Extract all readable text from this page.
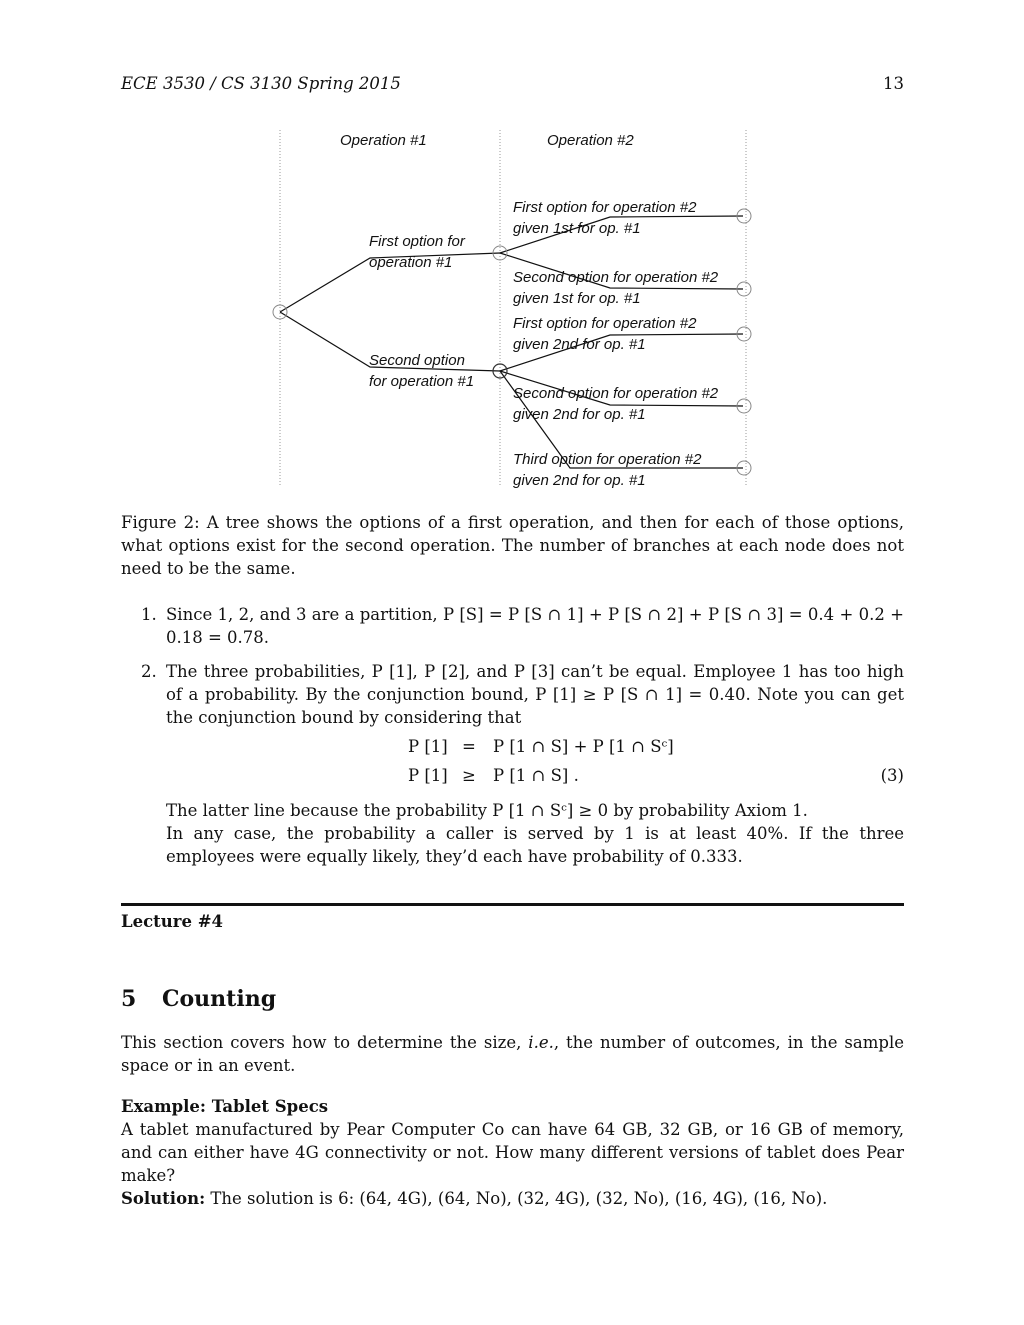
ECE 3530 / CS 3130 Spring 2015	13
Operation #1	Operation #2
First option for operation #1
Second option for operation #1
First option for operation #2 given 1st for op. #1
Second option for operation #2 given 1st for op. #1
First option for operation #2 given 2nd for op. #1
Second option for operation #2 given 2nd for op. #1
Third option for operation #2 given 2nd for op. #1
Figure 2: A tree shows the options of a first operation, and then for each of those options, what options exist for the second operation. The number of branches at each node does not need to be the same.
1. Since 1, 2, and 3 are a partition, P [S] = P [S ∩ 1] + P [S ∩ 2] + P [S ∩ 3] = 0.4 + 0.2 + 0.18 = 0.78.

2. The three probabilities, P [1], P [2], and P [3] can’t be equal. Employee 1 has too high of a probability. By the conjunction bound, P [1] ≥ P [S ∩ 1] = 0.40. Note you can get the conjunction bound by considering that

P [1] = P [1 ∩ S] + P [1 ∩ Sᶜ]
P [1] ≥ P [1 ∩ S] .	(3)

The latter line because the probability P [1 ∩ Sᶜ] ≥ 0 by probability Axiom 1.

In any case, the probability a caller is served by 1 is at least 40%. If the three employees were equally likely, they’d each have probability of 0.333.

Lecture #4
5 Counting
This section covers how to determine the size, i.e., the number of outcomes, in the sample space or in an event.
Example: Tablet Specs
A tablet manufactured by Pear Computer Co can have 64 GB, 32 GB, or 16 GB of memory, and can either have 4G connectivity or not. How many different versions of tablet does Pear make?
Solution: The solution is 6: (64, 4G), (64, No), (32, 4G), (32, No), (16, 4G), (16, No).
